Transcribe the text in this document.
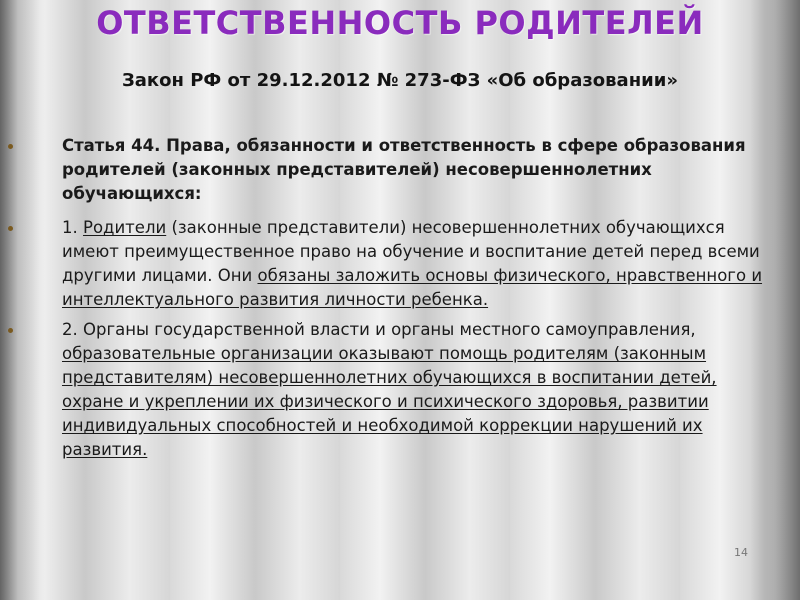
ОТВЕТСТВЕННОСТЬ РОДИТЕЛЕЙ
Закон РФ от 29.12.2012 № 273-ФЗ «Об образовании»
Статья 44. Права, обязанности и ответственность в сфере образования родителей (законных представителей) несовершеннолетних обучающихся:
1. Родители (законные представители) несовершеннолетних обучающихся имеют преимущественное право на обучение и воспитание детей перед всеми другими лицами. Они обязаны заложить основы физического, нравственного и интеллектуального развития личности ребенка.
2. Органы государственной власти и органы местного самоуправления, образовательные организации оказывают помощь родителям (законным представителям) несовершеннолетних обучающихся в воспитании детей, охране и укреплении их физического и психического здоровья, развитии индивидуальных способностей и необходимой коррекции нарушений их развития.
14
